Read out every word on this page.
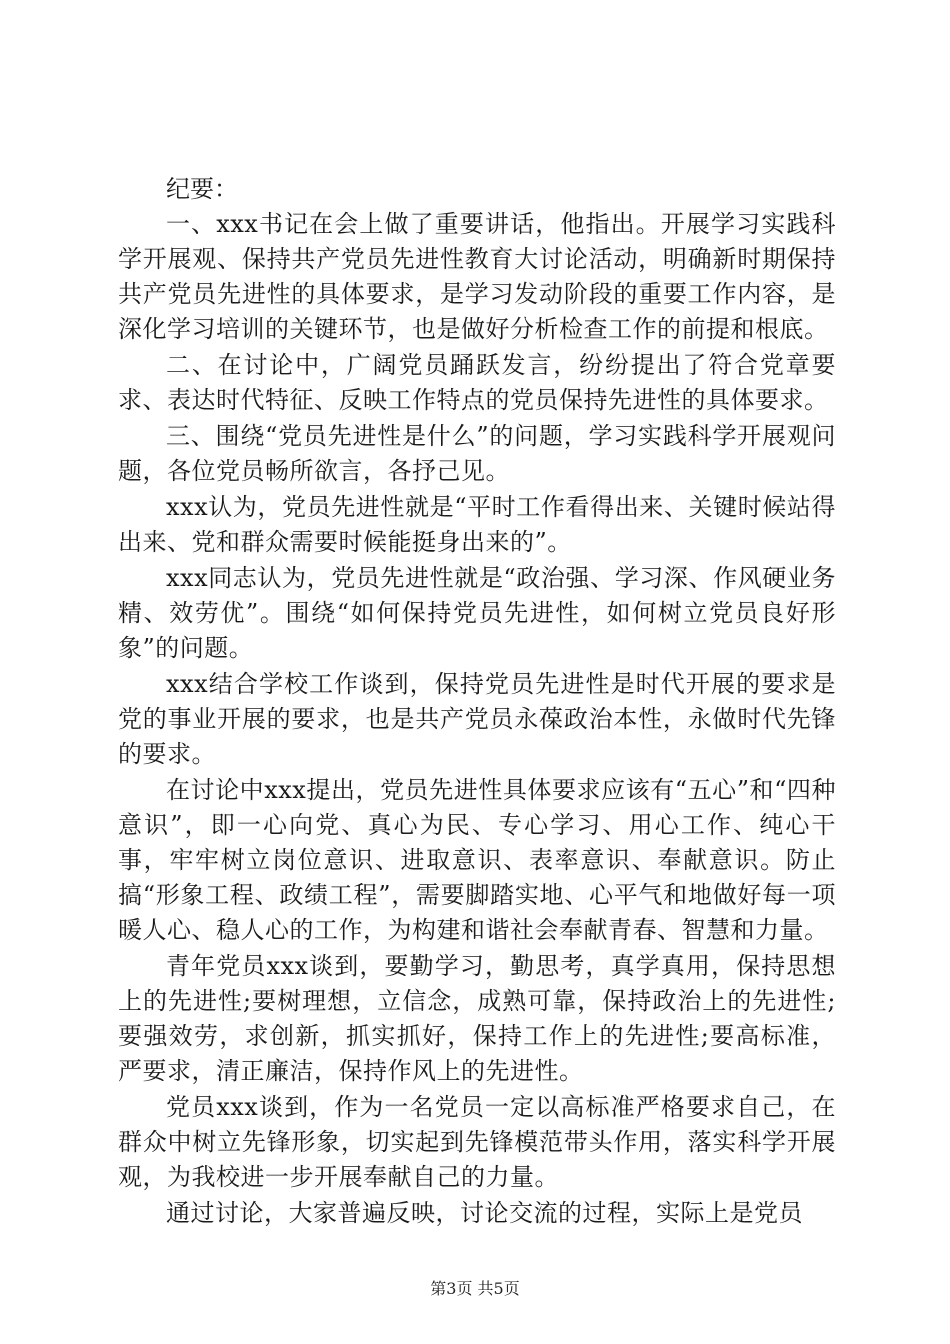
纪要：

一、xxx书记在会上做了重要讲话，他指出。开展学习实践科学开展观、保持共产党员先进性教育大讨论活动，明确新时期保持共产党员先进性的具体要求，是学习发动阶段的重要工作内容，是深化学习培训的关键环节，也是做好分析检查工作的前提和根底。

二、在讨论中，广阔党员踊跃发言，纷纷提出了符合党章要求、表达时代特征、反映工作特点的党员保持先进性的具体要求。

三、围绕“党员先进性是什么”的问题，学习实践科学开展观问题，各位党员畅所欲言，各抒己见。

xxx认为，党员先进性就是“平时工作看得出来、关键时候站得出来、党和群众需要时候能挺身出来的”。

xxx同志认为，党员先进性就是“政治强、学习深、作风硬业务精、效劳优”。围绕“如何保持党员先进性，如何树立党员良好形象”的问题。

xxx结合学校工作谈到，保持党员先进性是时代开展的要求是党的事业开展的要求，也是共产党员永葆政治本性，永做时代先锋的要求。

在讨论中xxx提出，党员先进性具体要求应该有“五心”和“四种意识”，即一心向党、真心为民、专心学习、用心工作、纯心干事，牢牢树立岗位意识、进取意识、表率意识、奉献意识。防止搞“形象工程、政绩工程”，需要脚踏实地、心平气和地做好每一项暖人心、稳人心的工作，为构建和谐社会奉献青春、智慧和力量。

青年党员xxx谈到，要勤学习，勤思考，真学真用，保持思想上的先进性;要树理想，立信念，成熟可靠，保持政治上的先进性;要强效劳，求创新，抓实抓好，保持工作上的先进性;要高标准，严要求，清正廉洁，保持作风上的先进性。

党员xxx谈到，作为一名党员一定以高标准严格要求自己，在群众中树立先锋形象，切实起到先锋模范带头作用，落实科学开展观，为我校进一步开展奉献自己的力量。

通过讨论，大家普遍反映，讨论交流的过程，实际上是党员

第3页 共5页
